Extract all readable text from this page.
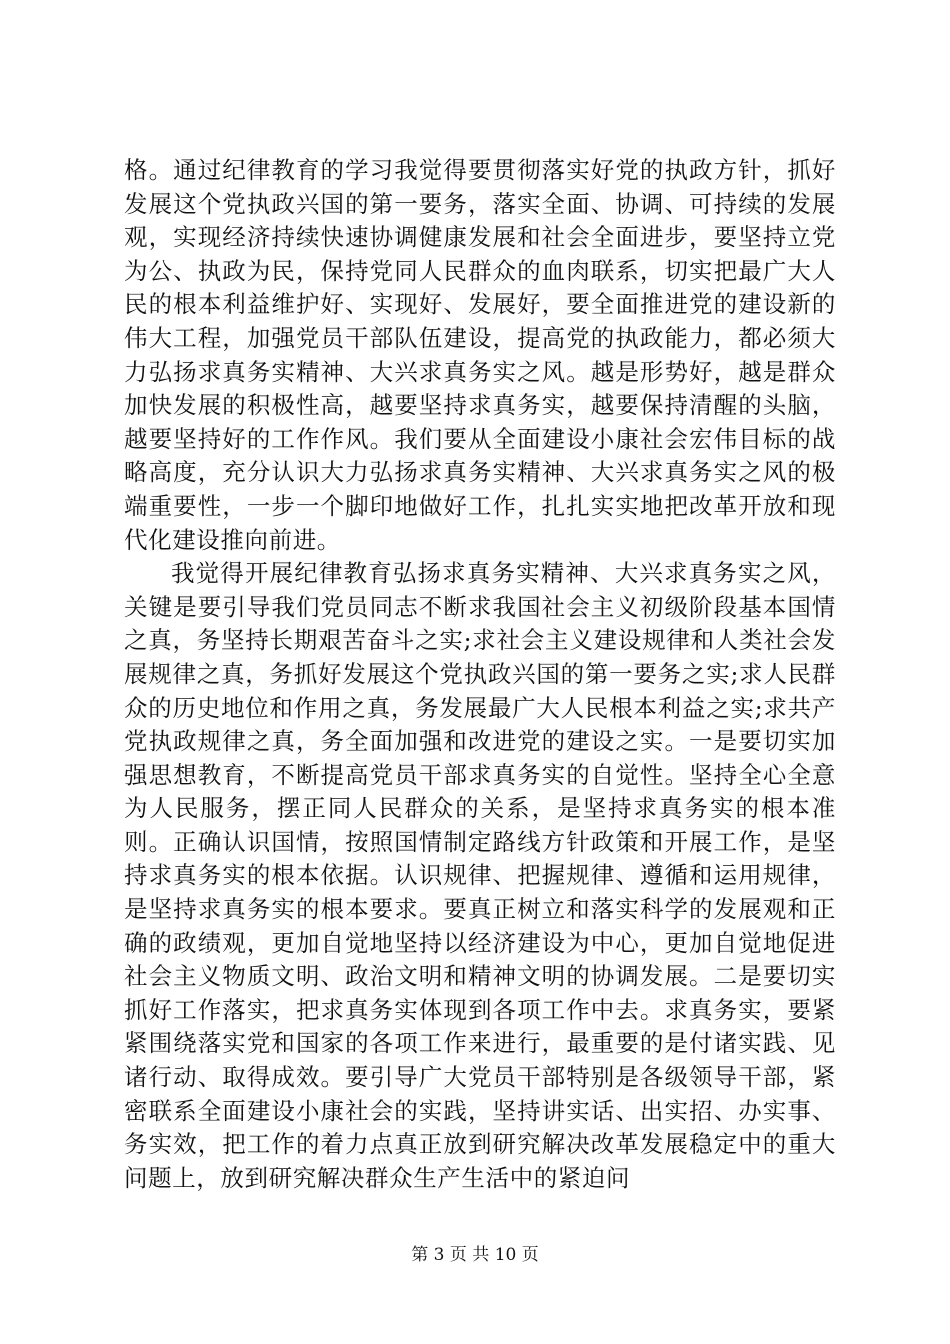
格。通过纪律教育的学习我觉得要贯彻落实好党的执政方针，抓好发展这个党执政兴国的第一要务，落实全面、协调、可持续的发展观，实现经济持续快速协调健康发展和社会全面进步，要坚持立党为公、执政为民，保持党同人民群众的血肉联系，切实把最广大人民的根本利益维护好、实现好、发展好，要全面推进党的建设新的伟大工程，加强党员干部队伍建设，提高党的执政能力，都必须大力弘扬求真务实精神、大兴求真务实之风。越是形势好，越是群众加快发展的积极性高，越要坚持求真务实，越要保持清醒的头脑，越要坚持好的工作作风。我们要从全面建设小康社会宏伟目标的战略高度，充分认识大力弘扬求真务实精神、大兴求真务实之风的极端重要性，一步一个脚印地做好工作，扎扎实实地把改革开放和现代化建设推向前进。

我觉得开展纪律教育弘扬求真务实精神、大兴求真务实之风，关键是要引导我们党员同志不断求我国社会主义初级阶段基本国情之真，务坚持长期艰苦奋斗之实;求社会主义建设规律和人类社会发展规律之真，务抓好发展这个党执政兴国的第一要务之实;求人民群众的历史地位和作用之真，务发展最广大人民根本利益之实;求共产党执政规律之真，务全面加强和改进党的建设之实。一是要切实加强思想教育，不断提高党员干部求真务实的自觉性。坚持全心全意为人民服务，摆正同人民群众的关系，是坚持求真务实的根本准则。正确认识国情，按照国情制定路线方针政策和开展工作，是坚持求真务实的根本依据。认识规律、把握规律、遵循和运用规律，是坚持求真务实的根本要求。要真正树立和落实科学的发展观和正确的政绩观，更加自觉地坚持以经济建设为中心，更加自觉地促进社会主义物质文明、政治文明和精神文明的协调发展。二是要切实抓好工作落实，把求真务实体现到各项工作中去。求真务实，要紧紧围绕落实党和国家的各项工作来进行，最重要的是付诸实践、见诸行动、取得成效。要引导广大党员干部特别是各级领导干部，紧密联系全面建设小康社会的实践，坚持讲实话、出实招、办实事、务实效，把工作的着力点真正放到研究解决改革发展稳定中的重大问题上，放到研究解决群众生产生活中的紧迫问

第 3 页 共 10 页
